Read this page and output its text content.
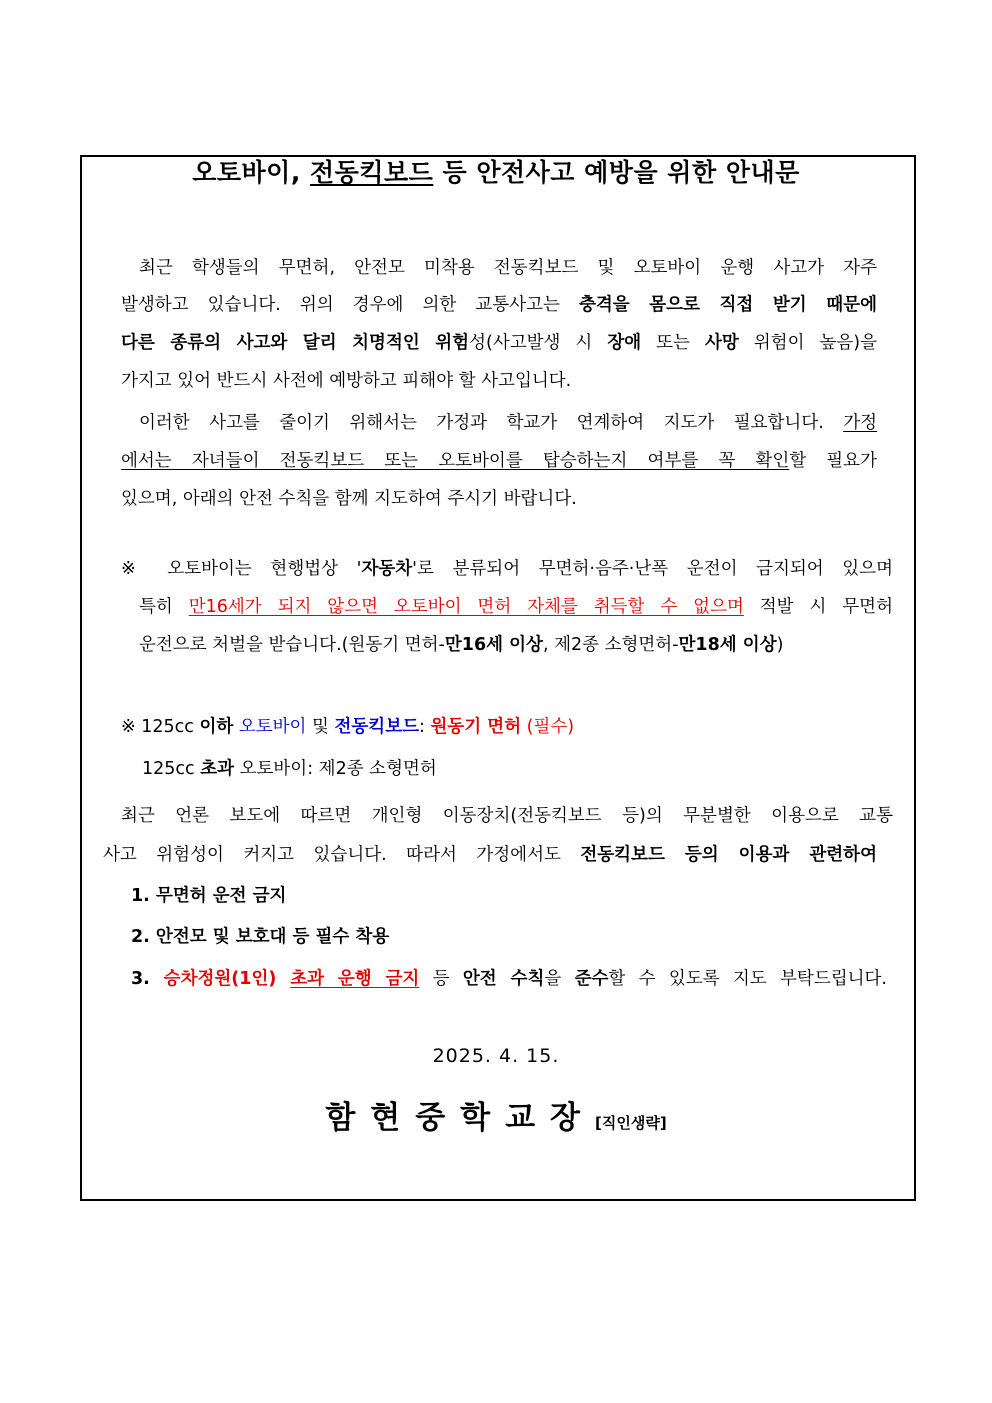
오토바이, 전동킥보드 등 안전사고 예방을 위한 안내문
최근 학생들의 무면허, 안전모 미착용 전동킥보드 및 오토바이 운행 사고가 자주
발생하고 있습니다. 위의 경우에 의한 교통사고는 충격을 몸으로 직접 받기 때문에
다른 종류의 사고와 달리 치명적인 위험성(사고발생 시 장애 또는 사망 위험이 높음)을
가지고 있어 반드시 사전에 예방하고 피해야 할 사고입니다.
이러한 사고를 줄이기 위해서는 가정과 학교가 연계하여 지도가 필요합니다. 가정
에서는 자녀들이 전동킥보드 또는 오토바이를 탑승하는지 여부를 꼭 확인할 필요가
있으며, 아래의 안전 수칙을 함께 지도하여 주시기 바랍니다.
※ 오토바이는 현행법상 '자동차'로 분류되어 무면허·음주·난폭 운전이 금지되어 있으며
특히 만16세가 되지 않으면 오토바이 면허 자체를 취득할 수 없으며 적발 시 무면허
운전으로 처벌을 받습니다.(원동기 면허-만16세 이상, 제2종 소형면허-만18세 이상)
※ 125cc 이하 오토바이 및 전동킥보드: 원동기 면허 (필수)
125cc 초과 오토바이: 제2종 소형면허
최근 언론 보도에 따르면 개인형 이동장치(전동킥보드 등)의 무분별한 이용으로 교통
사고 위험성이 커지고 있습니다. 따라서 가정에서도 전동킥보드 등의 이용과 관련하여
1. 무면허 운전 금지
2. 안전모 및 보호대 등 필수 착용
3. 승차정원(1인) 초과 운행 금지 등 안전 수칙을 준수할 수 있도록 지도 부탁드립니다.
2025. 4. 15.
함현중학교장[직인생략]
